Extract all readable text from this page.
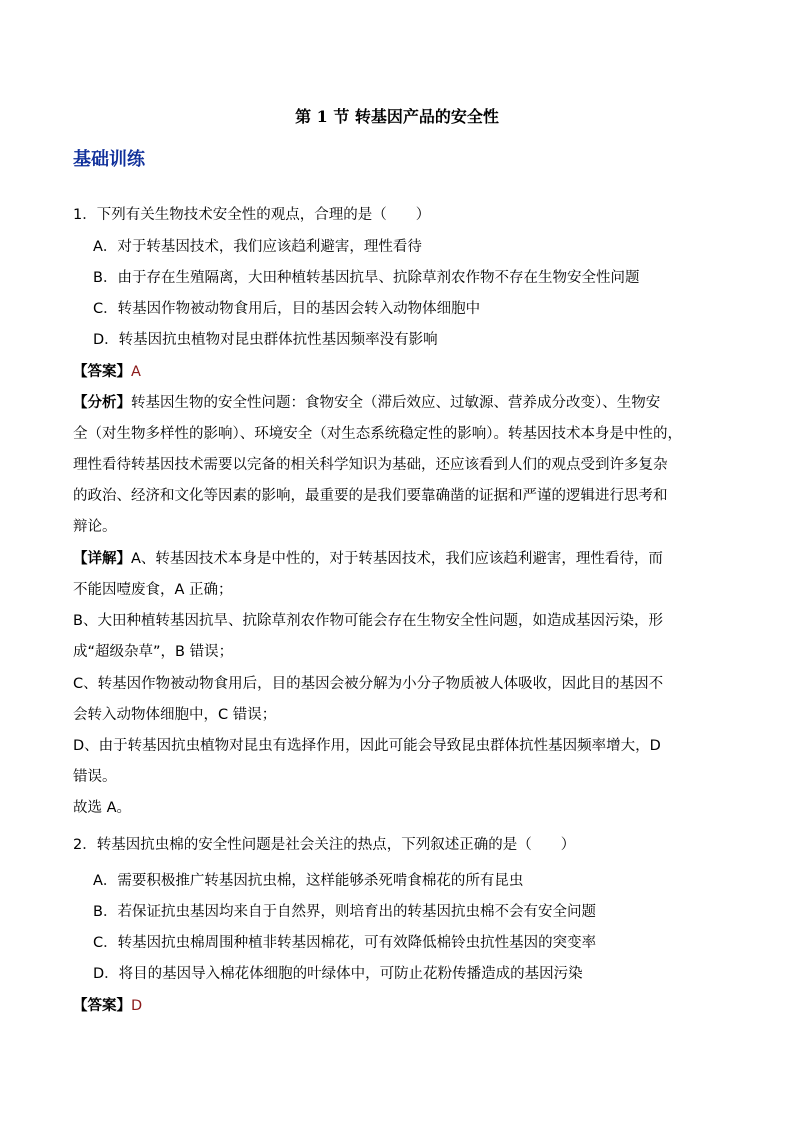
第 1 节 转基因产品的安全性
基础训练
1．下列有关生物技术安全性的观点，合理的是（　　）
A．对于转基因技术，我们应该趋利避害，理性看待
B．由于存在生殖隔离，大田种植转基因抗旱、抗除草剂农作物不存在生物安全性问题
C．转基因作物被动物食用后，目的基因会转入动物体细胞中
D．转基因抗虫植物对昆虫群体抗性基因频率没有影响
【答案】A
【分析】转基因生物的安全性问题：食物安全（滞后效应、过敏源、营养成分改变）、生物安
全（对生物多样性的影响）、环境安全（对生态系统稳定性的影响）。转基因技术本身是中性的，
理性看待转基因技术需要以完备的相关科学知识为基础，还应该看到人们的观点受到许多复杂
的政治、经济和文化等因素的影响，最重要的是我们要靠确凿的证据和严谨的逻辑进行思考和
辩论。
【详解】A、转基因技术本身是中性的，对于转基因技术，我们应该趋利避害，理性看待，而
不能因噎废食，A 正确；
B、大田种植转基因抗旱、抗除草剂农作物可能会存在生物安全性问题，如造成基因污染，形
成“超级杂草”，B 错误；
C、转基因作物被动物食用后，目的基因会被分解为小分子物质被人体吸收，因此目的基因不
会转入动物体细胞中，C 错误；
D、由于转基因抗虫植物对昆虫有选择作用，因此可能会导致昆虫群体抗性基因频率增大，D
错误。
故选 A。
2．转基因抗虫棉的安全性问题是社会关注的热点，下列叙述正确的是（　　）
A．需要积极推广转基因抗虫棉，这样能够杀死啃食棉花的所有昆虫
B．若保证抗虫基因均来自于自然界，则培育出的转基因抗虫棉不会有安全问题
C．转基因抗虫棉周围种植非转基因棉花，可有效降低棉铃虫抗性基因的突变率
D．将目的基因导入棉花体细胞的叶绿体中，可防止花粉传播造成的基因污染
【答案】D
